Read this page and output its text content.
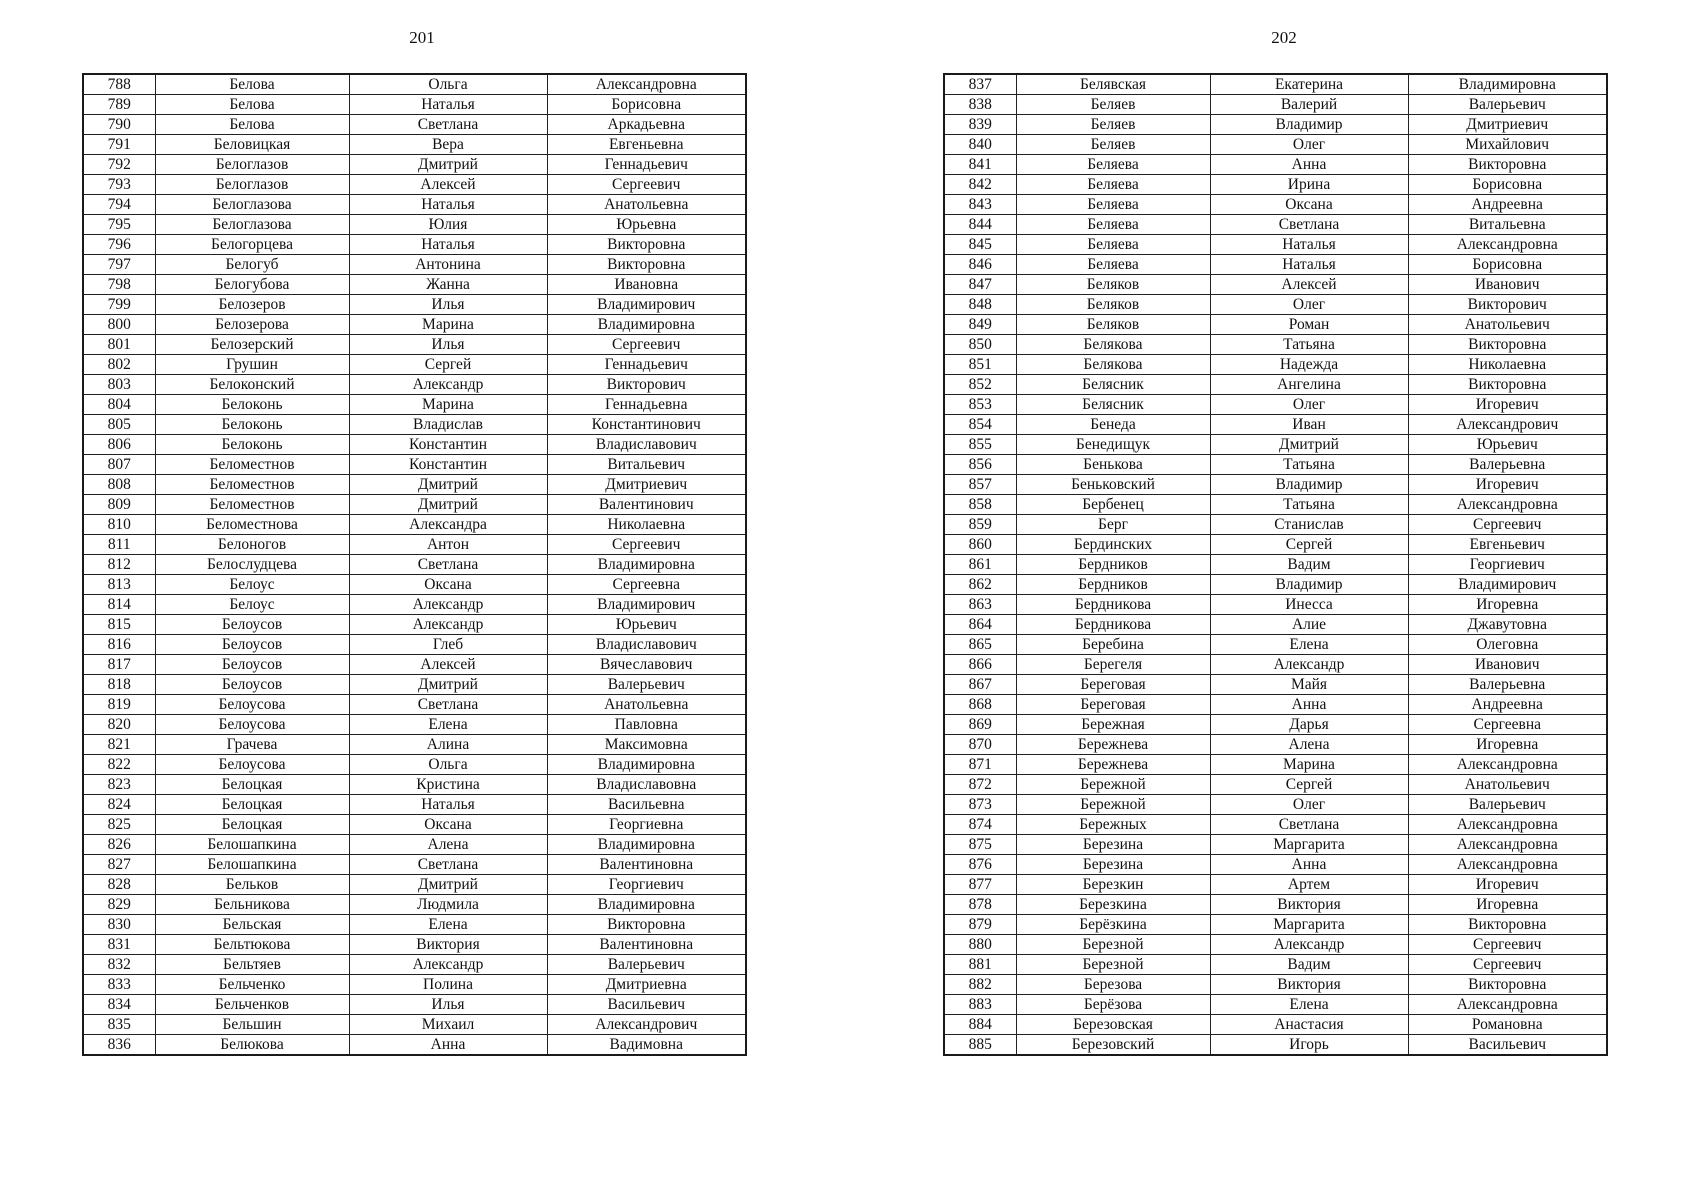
201	202
788	Белова	Ольга	Александровна
789	Белова	Наталья	Борисовна
790	Белова	Светлана	Аркадьевна
791	Беловицкая	Вера	Евгеньевна
792	Белоглазов	Дмитрий	Геннадьевич
793	Белоглазов	Алексей	Сергеевич
794	Белоглазова	Наталья	Анатольевна
795	Белоглазова	Юлия	Юрьевна
796	Белогорцева	Наталья	Викторовна
797	Белогуб	Антонина	Викторовна
798	Белогубова	Жанна	Ивановна
799	Белозеров	Илья	Владимирович
800	Белозерова	Марина	Владимировна
801	Белозерский	Илья	Сергеевич
802	Грушин	Сергей	Геннадьевич
803	Белоконский	Александр	Викторович
804	Белоконь	Марина	Геннадьевна
805	Белоконь	Владислав	Константинович
806	Белоконь	Константин	Владиславович
807	Беломестнов	Константин	Витальевич
808	Беломестнов	Дмитрий	Дмитриевич
809	Беломестнов	Дмитрий	Валентинович
810	Беломестнова	Александра	Николаевна
811	Белоногов	Антон	Сергеевич
812	Белослудцева	Светлана	Владимировна
813	Белоус	Оксана	Сергеевна
814	Белоус	Александр	Владимирович
815	Белоусов	Александр	Юрьевич
816	Белоусов	Глеб	Владиславович
817	Белоусов	Алексей	Вячеславович
818	Белоусов	Дмитрий	Валерьевич
819	Белоусова	Светлана	Анатольевна
820	Белоусова	Елена	Павловна
821	Грачева	Алина	Максимовна
822	Белоусова	Ольга	Владимировна
823	Белоцкая	Кристина	Владиславовна
824	Белоцкая	Наталья	Васильевна
825	Белоцкая	Оксана	Георгиевна
826	Белошапкина	Алена	Владимировна
827	Белошапкина	Светлана	Валентиновна
828	Бельков	Дмитрий	Георгиевич
829	Бельникова	Людмила	Владимировна
830	Бельская	Елена	Викторовна
831	Бельтюкова	Виктория	Валентиновна
832	Бельтяев	Александр	Валерьевич
833	Бельченко	Полина	Дмитриевна
834	Бельченков	Илья	Васильевич
835	Бельшин	Михаил	Александрович
836	Белюкова	Анна	Вадимовна
837	Белявская	Екатерина	Владимировна
838	Беляев	Валерий	Валерьевич
839	Беляев	Владимир	Дмитриевич
840	Беляев	Олег	Михайлович
841	Беляева	Анна	Викторовна
842	Беляева	Ирина	Борисовна
843	Беляева	Оксана	Андреевна
844	Беляева	Светлана	Витальевна
845	Беляева	Наталья	Александровна
846	Беляева	Наталья	Борисовна
847	Беляков	Алексей	Иванович
848	Беляков	Олег	Викторович
849	Беляков	Роман	Анатольевич
850	Белякова	Татьяна	Викторовна
851	Белякова	Надежда	Николаевна
852	Белясник	Ангелина	Викторовна
853	Белясник	Олег	Игоревич
854	Бенеда	Иван	Александрович
855	Бенедищук	Дмитрий	Юрьевич
856	Бенькова	Татьяна	Валерьевна
857	Беньковский	Владимир	Игоревич
858	Бербенец	Татьяна	Александровна
859	Берг	Станислав	Сергеевич
860	Бердинских	Сергей	Евгеньевич
861	Бердников	Вадим	Георгиевич
862	Бердников	Владимир	Владимирович
863	Бердникова	Инесса	Игоревна
864	Бердникова	Алие	Джавутовна
865	Беребина	Елена	Олеговна
866	Берегеля	Александр	Иванович
867	Береговая	Майя	Валерьевна
868	Береговая	Анна	Андреевна
869	Бережная	Дарья	Сергеевна
870	Бережнева	Алена	Игоревна
871	Бережнева	Марина	Александровна
872	Бережной	Сергей	Анатольевич
873	Бережной	Олег	Валерьевич
874	Бережных	Светлана	Александровна
875	Березина	Маргарита	Александровна
876	Березина	Анна	Александровна
877	Березкин	Артем	Игоревич
878	Березкина	Виктория	Игоревна
879	Берёзкина	Маргарита	Викторовна
880	Березной	Александр	Сергеевич
881	Березной	Вадим	Сергеевич
882	Березова	Виктория	Викторовна
883	Берёзова	Елена	Александровна
884	Березовская	Анастасия	Романовна
885	Березовский	Игорь	Васильевич
